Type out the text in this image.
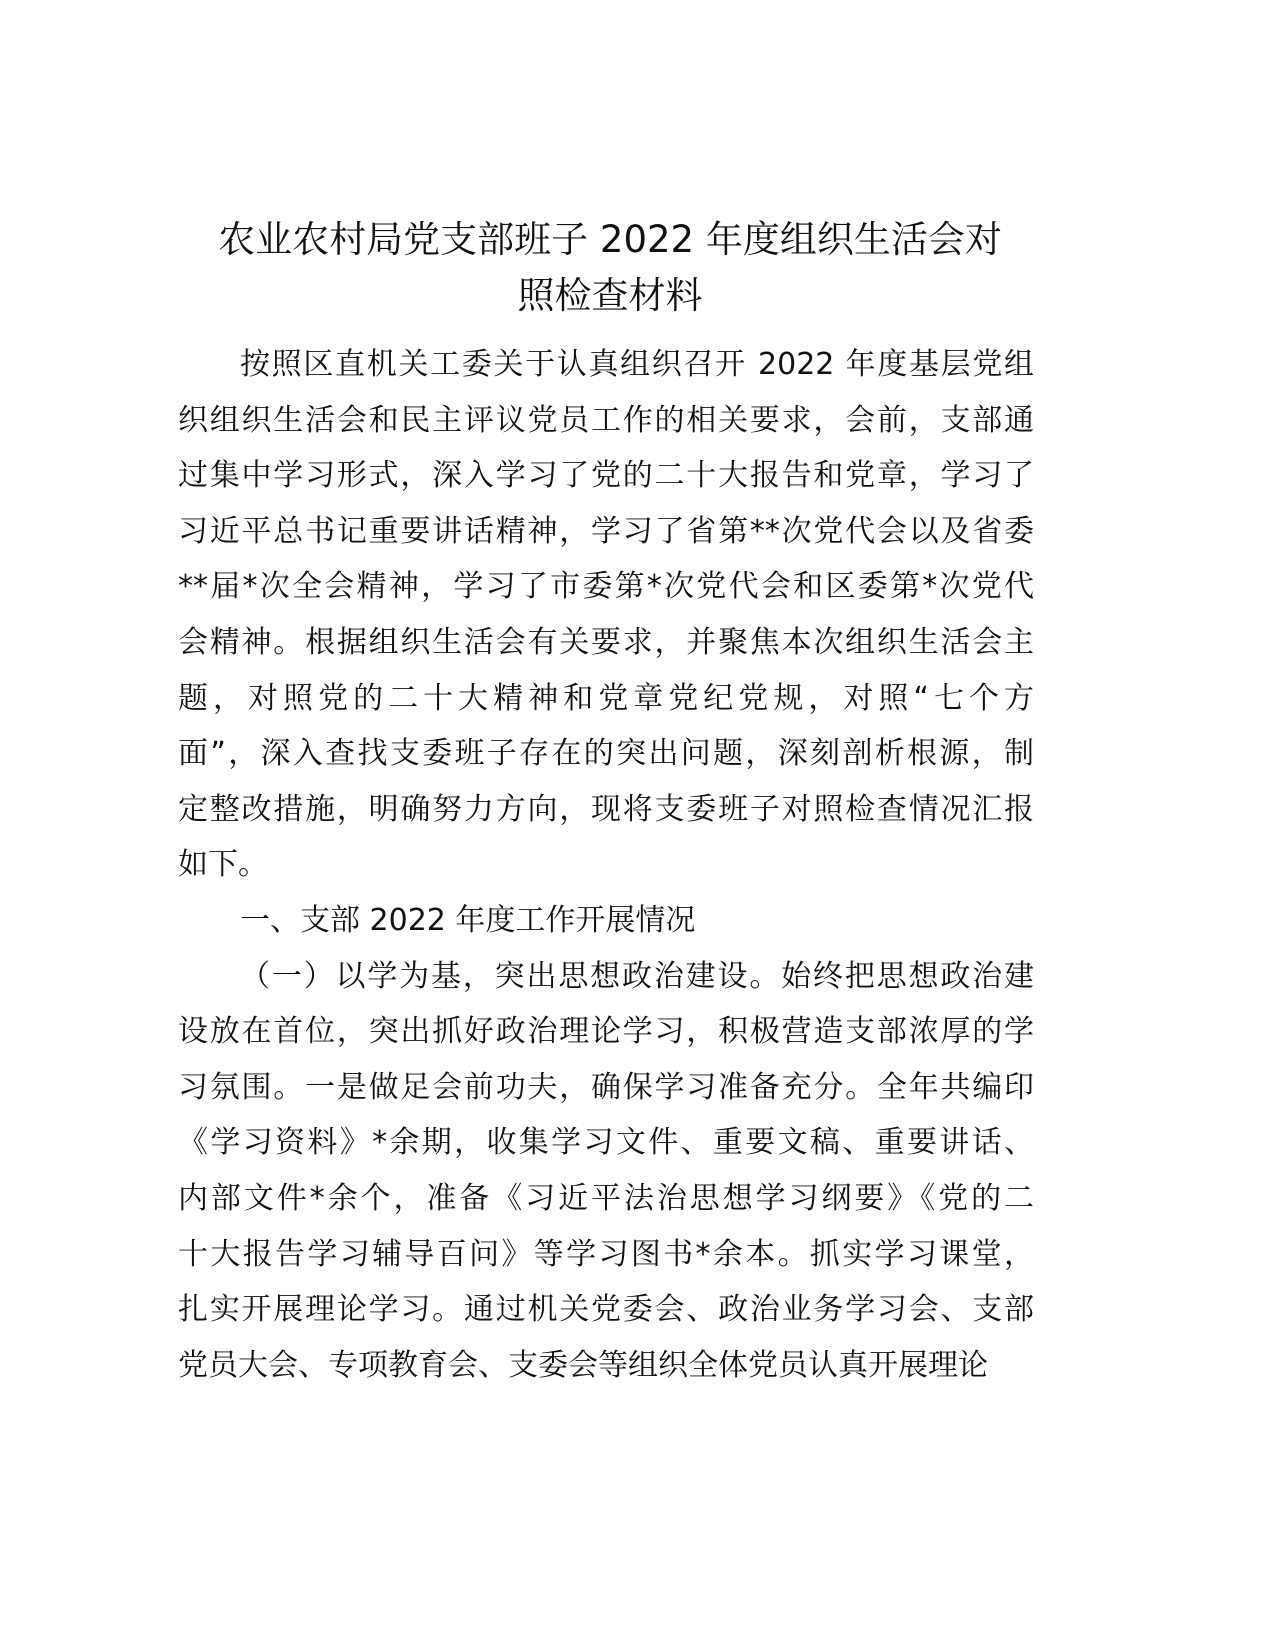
农业农村局党支部班子 2022 年度组织生活会对
照检查材料
按照区直机关工委关于认真组织召开 2022 年度基层党组
织组织生活会和民主评议党员工作的相关要求，会前，支部通
过集中学习形式，深入学习了党的二十大报告和党章，学习了
习近平总书记重要讲话精神，学习了省第**次党代会以及省委
**届*次全会精神，学习了市委第*次党代会和区委第*次党代
会精神。根据组织生活会有关要求，并聚焦本次组织生活会主
题，对照党的二十大精神和党章党纪党规，对照“七个方
面”，深入查找支委班子存在的突出问题，深刻剖析根源，制
定整改措施，明确努力方向，现将支委班子对照检查情况汇报
如下。
一、支部 2022 年度工作开展情况
（一）以学为基，突出思想政治建设。始终把思想政治建
设放在首位，突出抓好政治理论学习，积极营造支部浓厚的学
习氛围。一是做足会前功夫，确保学习准备充分。全年共编印
《学习资料》*余期，收集学习文件、重要文稿、重要讲话、
内部文件*余个，准备《习近平法治思想学习纲要》《党的二
十大报告学习辅导百问》等学习图书*余本。抓实学习课堂，
扎实开展理论学习。通过机关党委会、政治业务学习会、支部
党员大会、专项教育会、支委会等组织全体党员认真开展理论
